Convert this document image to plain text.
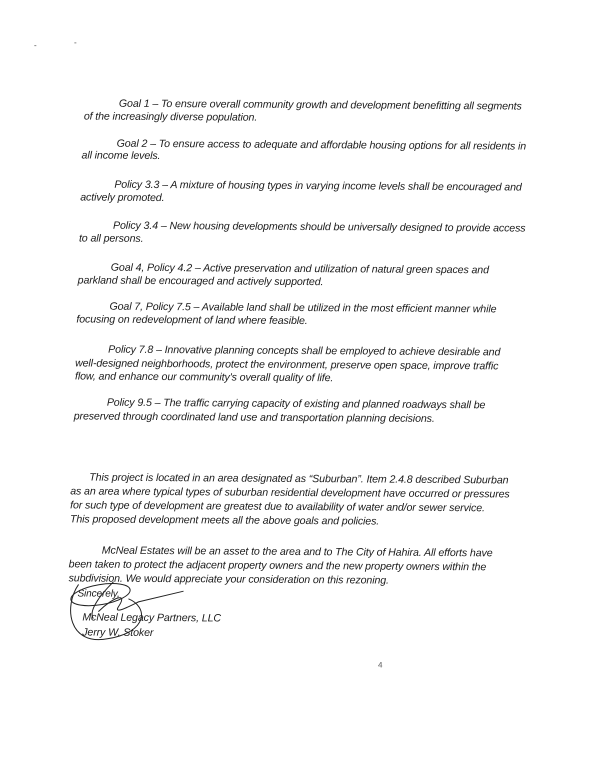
Goal 1 – To ensure overall community growth and development benefitting all segments
of the increasingly diverse population.
Goal 2 – To ensure access to adequate and affordable housing options for all residents in
all income levels.
Policy 3.3 – A mixture of housing types in varying income levels shall be encouraged and
actively promoted.
Policy 3.4 – New housing developments should be universally designed to provide access
to all persons.
Goal 4, Policy 4.2 – Active preservation and utilization of natural green spaces and
parkland shall be encouraged and actively supported.
Goal 7, Policy 7.5 – Available land shall be utilized in the most efficient manner while
focusing on redevelopment of land where feasible.
Policy 7.8 – Innovative planning concepts shall be employed to achieve desirable and
well-designed neighborhoods, protect the environment, preserve open space, improve traffic
flow, and enhance our community's overall quality of life.
Policy 9.5 – The traffic carrying capacity of existing and planned roadways shall be
preserved through coordinated land use and transportation planning decisions.
This project is located in an area designated as “Suburban”. Item 2.4.8 described Suburban
as an area where typical types of suburban residential development have occurred or pressures
for such type of development are greatest due to availability of water and/or sewer service.
This proposed development meets all the above goals and policies.
McNeal Estates will be an asset to the area and to The City of Hahira. All efforts have
been taken to protect the adjacent property owners and the new property owners within the
subdivision. We would appreciate your consideration on this rezoning.
Sincerely,
McNeal Legacy Partners, LLC
Jerry W. Stoker
4
